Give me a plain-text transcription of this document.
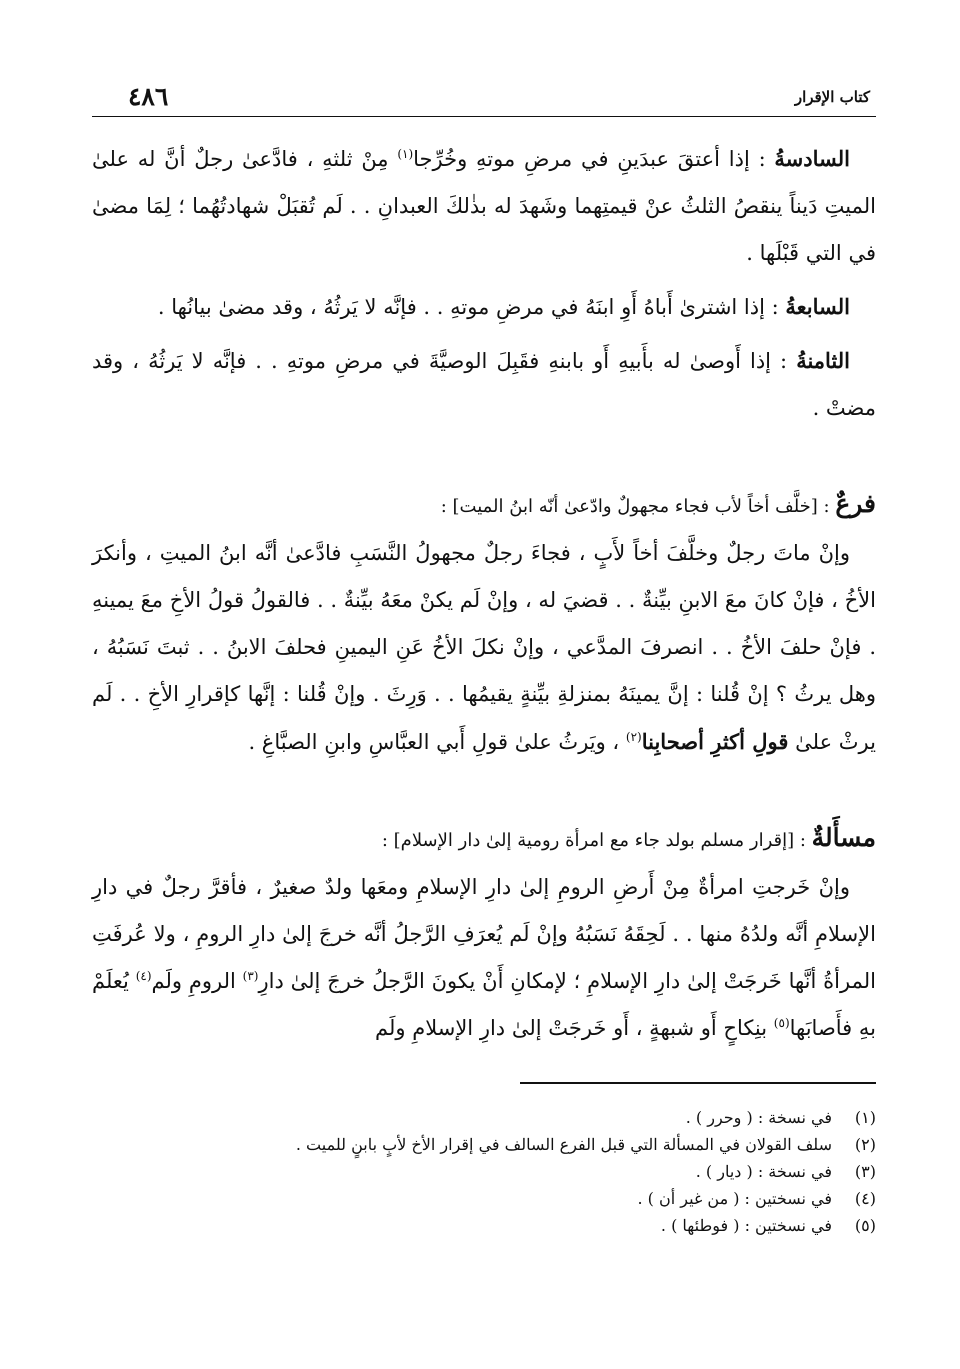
كتاب الإقرار
٤٨٦

السادسةُ : إذا أعتقَ عبدَينِ في مرضِ موتهِ وخُرِّجا$^{(١)}$ مِنْ ثلثهِ ، فادَّعىٰ رجلٌ أنَّ له علىٰ الميتِ دَيناً ينقصُ الثلثُ عنْ قيمتِهما وشَهدَ له بذٰلكَ العبدانِ . . لَم تُقبَلْ شهادتُهُما ؛ لِمَا مضىٰ في التي قَبْلَها .

السابعةُ : إذا اشترىٰ أَباهُ أَوِ ابنَهُ في مرضِ موتهِ . . فإنَّه لا يَرثُهُ ، وقد مضىٰ بيانُها .

الثامنةُ : إذا أَوصىٰ له بأَبيهِ أَو بابنهِ فقَبِلَ الوصيَّةَ في مرضِ موتهِ . . فإنَّه لا يَرثُهُ ، وقد مضتْ .

فرعٌ : [خلَّف أخاً لأب فجاء مجهولٌ وادّعىٰ أنّه ابنُ الميت] :

وإنْ ماتَ رجلٌ وخلَّفَ أخاً لأَبٍ ، فجاءَ رجلٌ مجهولُ النَّسَبِ فادَّعىٰ أنَّه ابنُ الميتِ ، وأنكرَ الأخُ ، فإنْ كانَ معَ الابنِ بيِّنةٌ . . قضيَ له ، وإنْ لَم يكنْ معَهُ بيِّنةٌ . . فالقولُ قولُ الأخِ معَ يمينهِ . فإنْ حلفَ الأخُ . . انصرفَ المدَّعي ، وإنْ نكلَ الأخُ عَنِ اليمينِ فحلفَ الابنُ . . ثبتَ نَسَبُهُ ، وهل يرثُ ؟ إنْ قُلنا : إنَّ يمينَهُ بمنزلةِ بيِّنةٍ يقيمُها . . وَرِثَ . وإنْ قُلنا : إنَّها كإقرارِ الأخِ . . لَم يرثْ علىٰ قولِ أكثرِ أصحابِنا$^{(٢)}$ ، ويَرثُ علىٰ قولِ أَبي العبَّاسِ وابنِ الصبَّاغِ .

مسأَلةٌ : [إقرار مسلم بولد جاء مع امرأة رومية إلىٰ دار الإسلام] :

وإنْ خَرجتِ امرأةٌ مِنْ أَرضِ الرومِ إلىٰ دارِ الإسلامِ ومعَها ولدٌ صغيرٌ ، فأقرَّ رجلٌ في دارِ الإسلامِ أنَّه ولدُهُ منها . . لَحِقَهُ نَسَبُهُ وإنْ لَم يُعرَفِ الرَّجلُ أنَّه خرجَ إلىٰ دارِ الرومِ ، ولا عُرفَتِ المرأةُ أنَّها خَرجَتْ إلىٰ دارِ الإسلامِ ؛ لإمكانِ أَنْ يكونَ الرَّجلُ خرجَ إلىٰ دارِ$^{(٣)}$ الرومِ ولَم$^{(٤)}$ يُعلَمْ بهِ فأَصابَها$^{(٥)}$ بنِكاحٍ أَو شبهةٍ ، أَو خَرجَتْ إلىٰ دارِ الإسلامِ ولَم

(١)
في نسخة : ( وحرر ) .
(٢)
سلف القولان في المسألة التي قبل الفرع السالف في إقرار الأخ لأبٍ بابنٍ للميت .
(٣)
في نسخة : ( ديار ) .
(٤)
في نسختين : ( من غير أن ) .
(٥)
في نسختين : ( فوطئها ) .
